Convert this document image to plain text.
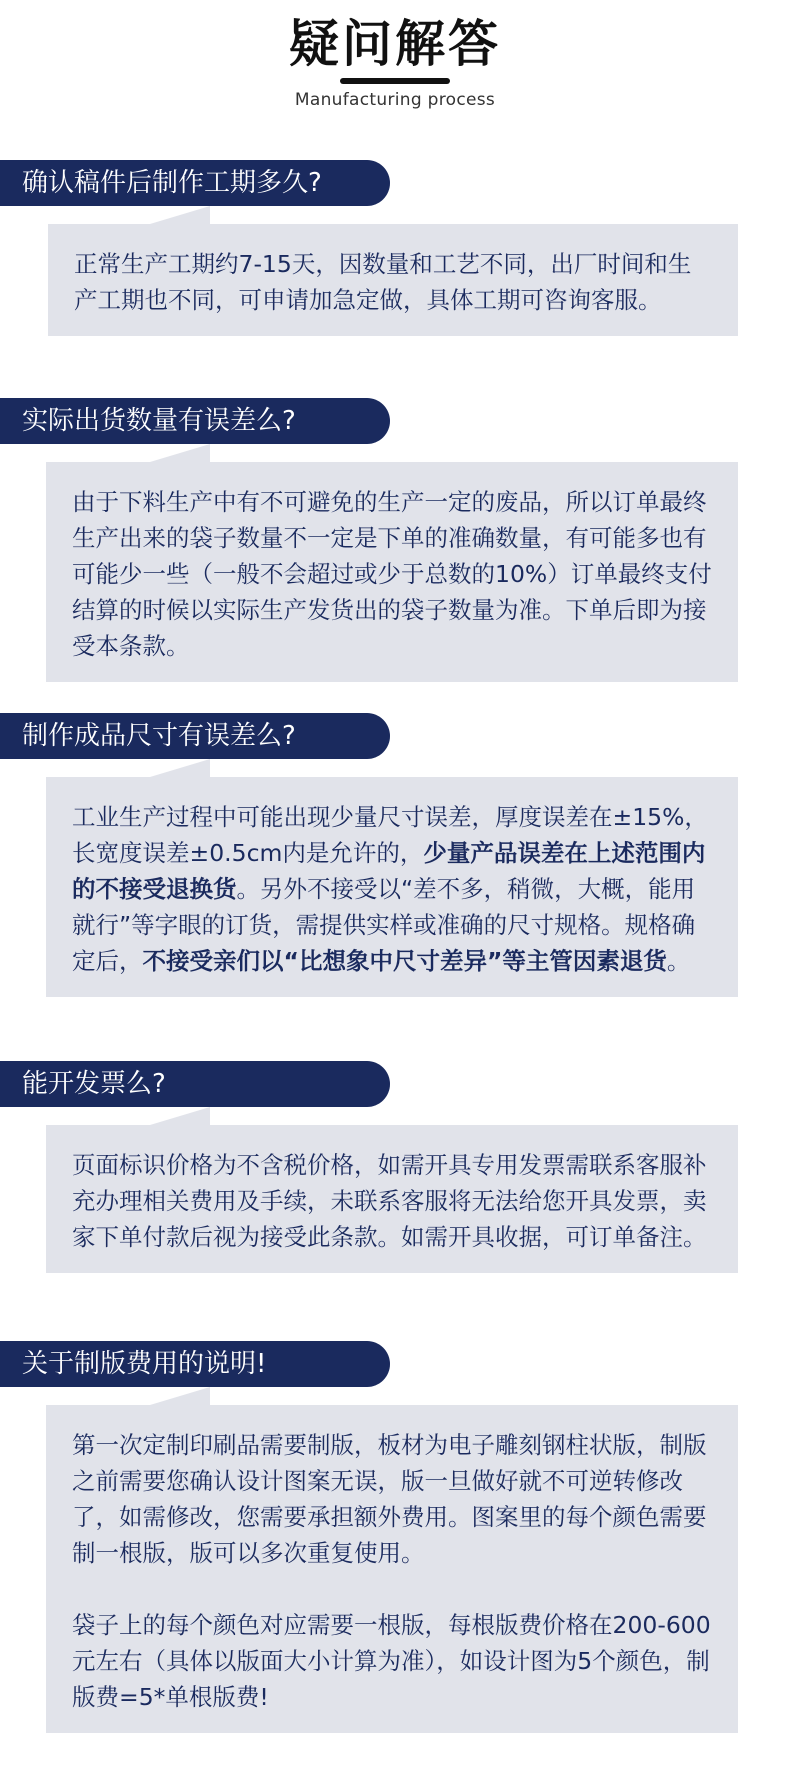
疑问解答
Manufacturing process
确认稿件后制作工期多久?

正常生产工期约7-15天，因数量和工艺不同，出厂时间和生产工期也不同，可申请加急定做，具体工期可咨询客服。

实际出货数量有误差么?

由于下料生产中有不可避免的生产一定的废品，所以订单最终生产出来的袋子数量不一定是下单的准确数量，有可能多也有可能少一些（一般不会超过或少于总数的10%）订单最终支付结算的时候以实际生产发货出的袋子数量为准。下单后即为接受本条款。

制作成品尺寸有误差么?

工业生产过程中可能出现少量尺寸误差，厚度误差在±15%，长宽度误差±0.5cm内是允许的，少量产品误差在上述范围内的不接受退换货。另外不接受以“差不多，稍微，大概，能用就行”等字眼的订货，需提供实样或准确的尺寸规格。规格确定后，不接受亲们以“比想象中尺寸差异”等主管因素退货。

能开发票么?

页面标识价格为不含税价格，如需开具专用发票需联系客服补充办理相关费用及手续，未联系客服将无法给您开具发票，卖家下单付款后视为接受此条款。如需开具收据，可订单备注。

关于制版费用的说明!

第一次定制印刷品需要制版，板材为电子雕刻钢柱状版，制版之前需要您确认设计图案无误，版一旦做好就不可逆转修改了，如需修改，您需要承担额外费用。图案里的每个颜色需要制一根版，版可以多次重复使用。

袋子上的每个颜色对应需要一根版，每根版费价格在200-600元左右（具体以版面大小计算为准），如设计图为5个颜色，制版费=5*单根版费!
